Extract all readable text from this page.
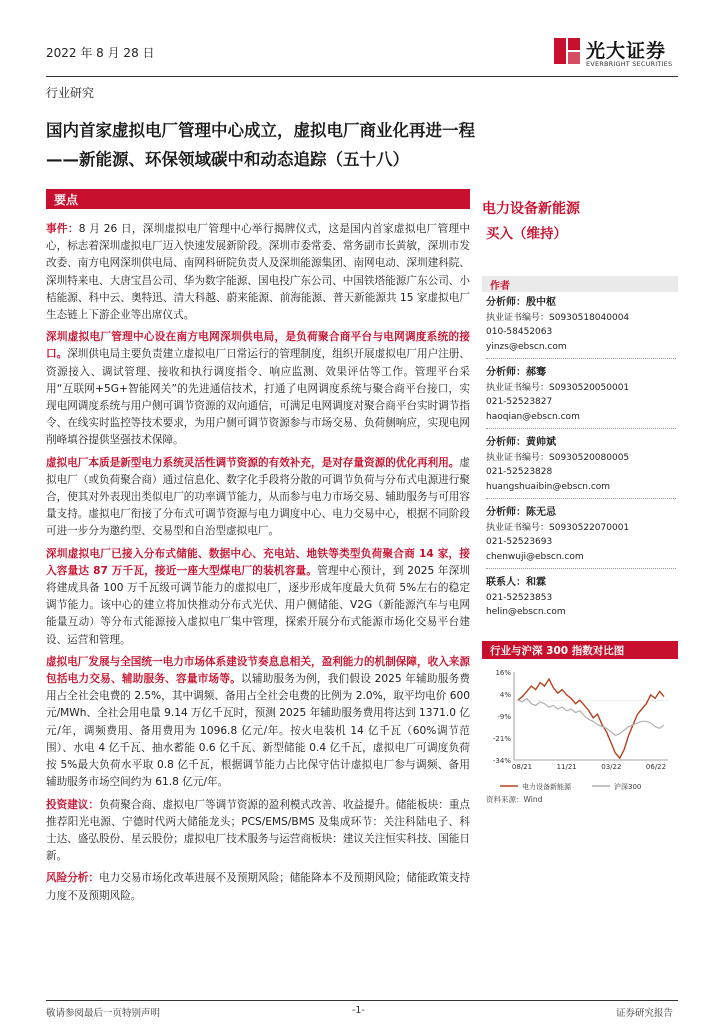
2022 年 8 月 28 日	光大证券
EVERBRIGHT SECURITIES
行业研究
国内首家虚拟电厂管理中心成立，虚拟电厂商业化再进一程
——新能源、环保领域碳中和动态追踪（五十八）
要点

事件：8 月 26 日，深圳虚拟电厂管理中心举行揭牌仪式，这是国内首家虚拟电厂管理中心，标志着深圳虚拟电厂迈入快速发展新阶段。深圳市委常委、常务副市长黄敏，深圳市发改委、南方电网深圳供电局、南网科研院负责人及深圳能源集团、南网电动、深圳建科院、深圳特来电、大唐宝昌公司、华为数字能源、国电投广东公司、中国铁塔能源广东公司、小桔能源、科中云、奥特迅、清大科越、蔚来能源、前海能源、普天新能源共 15 家虚拟电厂生态链上下游企业等出席仪式。

深圳虚拟电厂管理中心设在南方电网深圳供电局，是负荷聚合商平台与电网调度系统的接口。深圳供电局主要负责建立虚拟电厂日常运行的管理制度，组织开展虚拟电厂用户注册、资源接入、调试管理、接收和执行调度指令、响应监测、效果评估等工作。管理平台采用“互联网+5G+智能网关”的先进通信技术，打通了电网调度系统与聚合商平台接口，实现电网调度系统与用户侧可调节资源的双向通信，可满足电网调度对聚合商平台实时调节指令、在线实时监控等技术要求，为用户侧可调节资源参与市场交易、负荷侧响应，实现电网削峰填谷提供坚强技术保障。

虚拟电厂本质是新型电力系统灵活性调节资源的有效补充，是对存量资源的优化再利用。虚拟电厂（或负荷聚合商）通过信息化、数字化手段将分散的可调节负荷与分布式电源进行聚合，使其对外表现出类似电厂的功率调节能力，从而参与电力市场交易、辅助服务与可用容量支持。虚拟电厂衔接了分布式可调节资源与电力调度中心、电力交易中心，根据不同阶段可进一步分为邀约型、交易型和自治型虚拟电厂。

深圳虚拟电厂已接入分布式储能、数据中心、充电站、地铁等类型负荷聚合商 14 家，接入容量达 87 万千瓦，接近一座大型煤电厂的装机容量。管理中心预计，到 2025 年深圳将建成具备 100 万千瓦级可调节能力的虚拟电厂，逐步形成年度最大负荷 5%左右的稳定调节能力。该中心的建立将加快推动分布式光伏、用户侧储能、V2G（新能源汽车与电网能量互动）等分布式能源接入虚拟电厂集中管理，探索开展分布式能源市场化交易平台建设、运营和管理。

虚拟电厂发展与全国统一电力市场体系建设节奏息息相关，盈利能力的机制保障，收入来源包括电力交易、辅助服务、容量市场等。以辅助服务为例，我们假设 2025 年辅助服务费用占全社会电费的 2.5%，其中调频、备用占全社会电费的比例为 2.0%，取平均电价 600 元/MWh、全社会用电量 9.14 万亿千瓦时，预测 2025 年辅助服务费用将达到 1371.0 亿元/年，调频费用、备用费用为 1096.8 亿元/年。按火电装机 14 亿千瓦（60%调节范围）、水电 4 亿千瓦、抽水蓄能 0.6 亿千瓦、新型储能 0.4 亿千瓦，虚拟电厂可调度负荷按 5%最大负荷水平取 0.8 亿千瓦，根据调节能力占比保守估计虚拟电厂参与调频、备用辅助服务市场空间约为 61.8 亿元/年。

投资建议：负荷聚合商、虚拟电厂等调节资源的盈利模式改善、收益提升。储能板块：重点推荐阳光电源、宁德时代两大储能龙头；PCS/EMS/BMS 及集成环节：关注科陆电子、科士达、盛弘股份、星云股份；虚拟电厂技术服务与运营商板块：建议关注恒实科技、国能日新。

风险分析：电力交易市场化改革进展不及预期风险；储能降本不及预期风险；储能政策支持力度不及预期风险。

电力设备新能源
买入（维持）
作者
分析师：殷中枢
执业证书编号：S0930518040004
010-58452063
yinzs@ebscn.com
分析师：郝骞
执业证书编号：S0930520050001
021-52523827
haoqian@ebscn.com
分析师：黄帅斌
执业证书编号：S0930520080005
021-52523828
huangshuaibin@ebscn.com
分析师：陈无忌
执业证书编号：S0930522070001
021-52523693
chenwuji@ebscn.com
联系人：和霖
021-52523853
helin@ebscn.com
行业与沪深 300 指数对比图
16%
4%
-9%
-21%
-34%
08/21	11/21	03/22	06/22
电力设备新能源	沪深300
资料来源：Wind
敬请参阅最后一页特别声明	-1-	证券研究报告
